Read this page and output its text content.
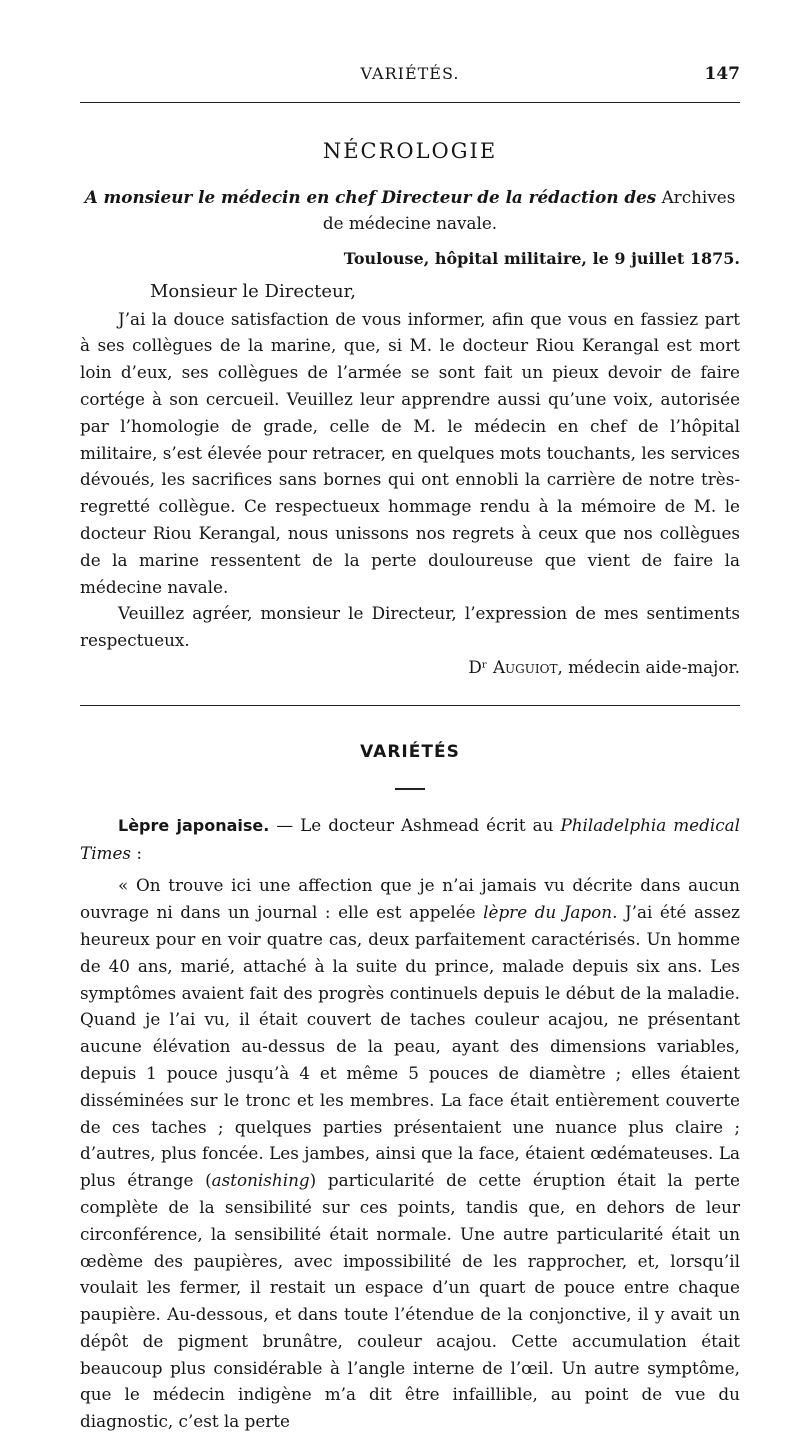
VARIÉTÉS.	147
NÉCROLOGIE

A monsieur le médecin en chef Directeur de la rédaction des Archives
de médecine navale.

Toulouse, hôpital militaire, le 9 juillet 1875.

Monsieur le Directeur,

J’ai la douce satisfaction de vous informer, afin que vous en fassiez part à ses collègues de la marine, que, si M. le docteur Riou Kerangal est mort loin d’eux, ses collègues de l’armée se sont fait un pieux devoir de faire cortége à son cercueil. Veuillez leur apprendre aussi qu’une voix, autorisée par l’homologie de grade, celle de M. le médecin en chef de l’hôpital militaire, s’est élevée pour retracer, en quelques mots touchants, les services dévoués, les sacrifices sans bornes qui ont ennobli la carrière de notre très-regretté collègue. Ce respectueux hommage rendu à la mémoire de M. le docteur Riou Kerangal, nous unissons nos regrets à ceux que nos collègues de la marine ressentent de la perte douloureuse que vient de faire la médecine navale.

Veuillez agréer, monsieur le Directeur, l’expression de mes sentiments respectueux.

Dʳ Auguiot, médecin aide-major.

VARIÉTÉS

Lèpre japonaise. — Le docteur Ashmead écrit au Philadelphia medical Times :

« On trouve ici une affection que je n’ai jamais vu décrite dans aucun ouvrage ni dans un journal : elle est appelée lèpre du Japon. J’ai été assez heureux pour en voir quatre cas, deux parfaitement caractérisés. Un homme de 40 ans, marié, attaché à la suite du prince, malade depuis six ans. Les symptômes avaient fait des progrès continuels depuis le début de la maladie. Quand je l’ai vu, il était couvert de taches couleur acajou, ne présentant aucune élévation au-dessus de la peau, ayant des dimensions variables, depuis 1 pouce jusqu’à 4 et même 5 pouces de diamètre ; elles étaient disséminées sur le tronc et les membres. La face était entièrement couverte de ces taches ; quelques parties présentaient une nuance plus claire ; d’autres, plus foncée. Les jambes, ainsi que la face, étaient œdémateuses. La plus étrange (astonishing) particularité de cette éruption était la perte complète de la sensibilité sur ces points, tandis que, en dehors de leur circonférence, la sensibilité était normale. Une autre particularité était un œdème des paupières, avec impossibilité de les rapprocher, et, lorsqu’il voulait les fermer, il restait un espace d’un quart de pouce entre chaque paupière. Au-dessous, et dans toute l’étendue de la conjonctive, il y avait un dépôt de pigment brunâtre, couleur acajou. Cette accumulation était beaucoup plus considérable à l’angle interne de l’œil. Un autre symptôme, que le médecin indigène m’a dit être infaillible, au point de vue du diagnostic, c’est la perte
